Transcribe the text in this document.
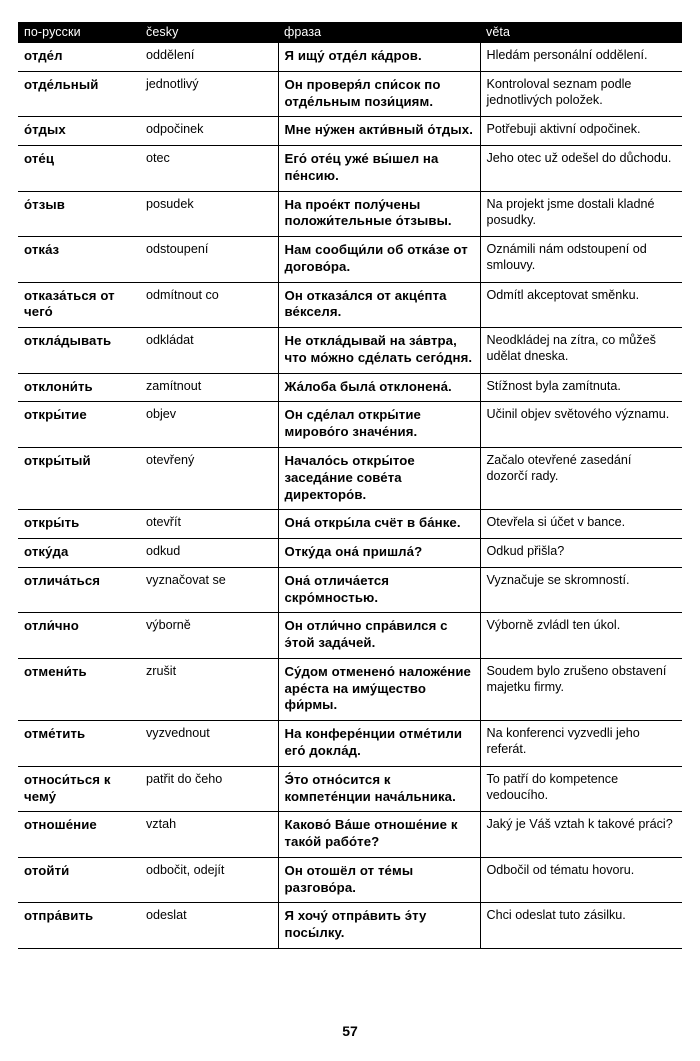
по-русски	česky	фраза	věta
отде́л	oddělení	Я ищу́ отде́л ка́дров.	Hledám personální oddělení.
отде́льный	jednotlivý	Он проверя́л спи́сок по отде́льным пози́циям.	Kontroloval seznam podle jednotlivých položek.
о́тдых	odpočinek	Мне ну́жен акти́вный о́тдых.	Potřebuji aktivní odpočinek.
оте́ц	otec	Его́ оте́ц уже́ вы́шел на пе́нсию.	Jeho otec už odešel do důchodu.
о́тзыв	posudek	На прое́кт полу́чены положи́тельные о́тзывы.	Na projekt jsme dostali kladné posudky.
отка́з	odstoupení	Нам сообщи́ли об отка́зе от догово́ра.	Oznámili nám odstoupení od smlouvy.
отказа́ться от чего́	odmítnout co	Он отказа́лся от акце́пта ве́кселя.	Odmítl akceptovat směnku.
откла́дывать	odkládat	Не откла́дывай на за́втра, что мо́жно сде́лать сего́дня.	Neodkládej na zítra, co můžeš udělat dneska.
отклони́ть	zamítnout	Жа́лоба была́ отклонена́.	Stížnost byla zamítnuta.
откры́тие	objev	Он сде́лал откры́тие мирово́го значе́ния.	Učinil objev světového významu.
откры́тый	otevřený	Начало́сь откры́тое заседа́ние сове́та директоро́в.	Začalo otevřené zasedání dozorčí rady.
откры́ть	otevřít	Она́ откры́ла счёт в ба́нке.	Otevřela si účet v bance.
отку́да	odkud	Отку́да она́ пришла́?	Odkud přišla?
отлича́ться	vyznačovat se	Она́ отлича́ется скро́мностью.	Vyznačuje se skromností.
отли́чно	výborně	Он отли́чно спра́вился с э́той зада́чей.	Výborně zvládl ten úkol.
отмени́ть	zrušit	Су́дом отменено́ наложе́ние аре́ста на иму́щество фи́рмы.	Soudem bylo zrušeno obstavení majetku firmy.
отме́тить	vyzvednout	На конфере́нции отме́тили его́ докла́д.	Na konferenci vyzvedli jeho referát.
относи́ться к чему́	patřit do čeho	Э́то отно́сится к компете́нции нача́льника.	To patří do kompetence vedoucího.
отноше́ние	vztah	Каково́ Ва́ше отноше́ние к тако́й рабо́те?	Jaký je Váš vztah k takové práci?
отойти́	odbočit, odejít	Он отошёл от те́мы разгово́ра.	Odbočil od tématu hovoru.
отпра́вить	odeslat	Я хочу́ отпра́вить э́ту посы́лку.	Chci odeslat tuto zásilku.
57
